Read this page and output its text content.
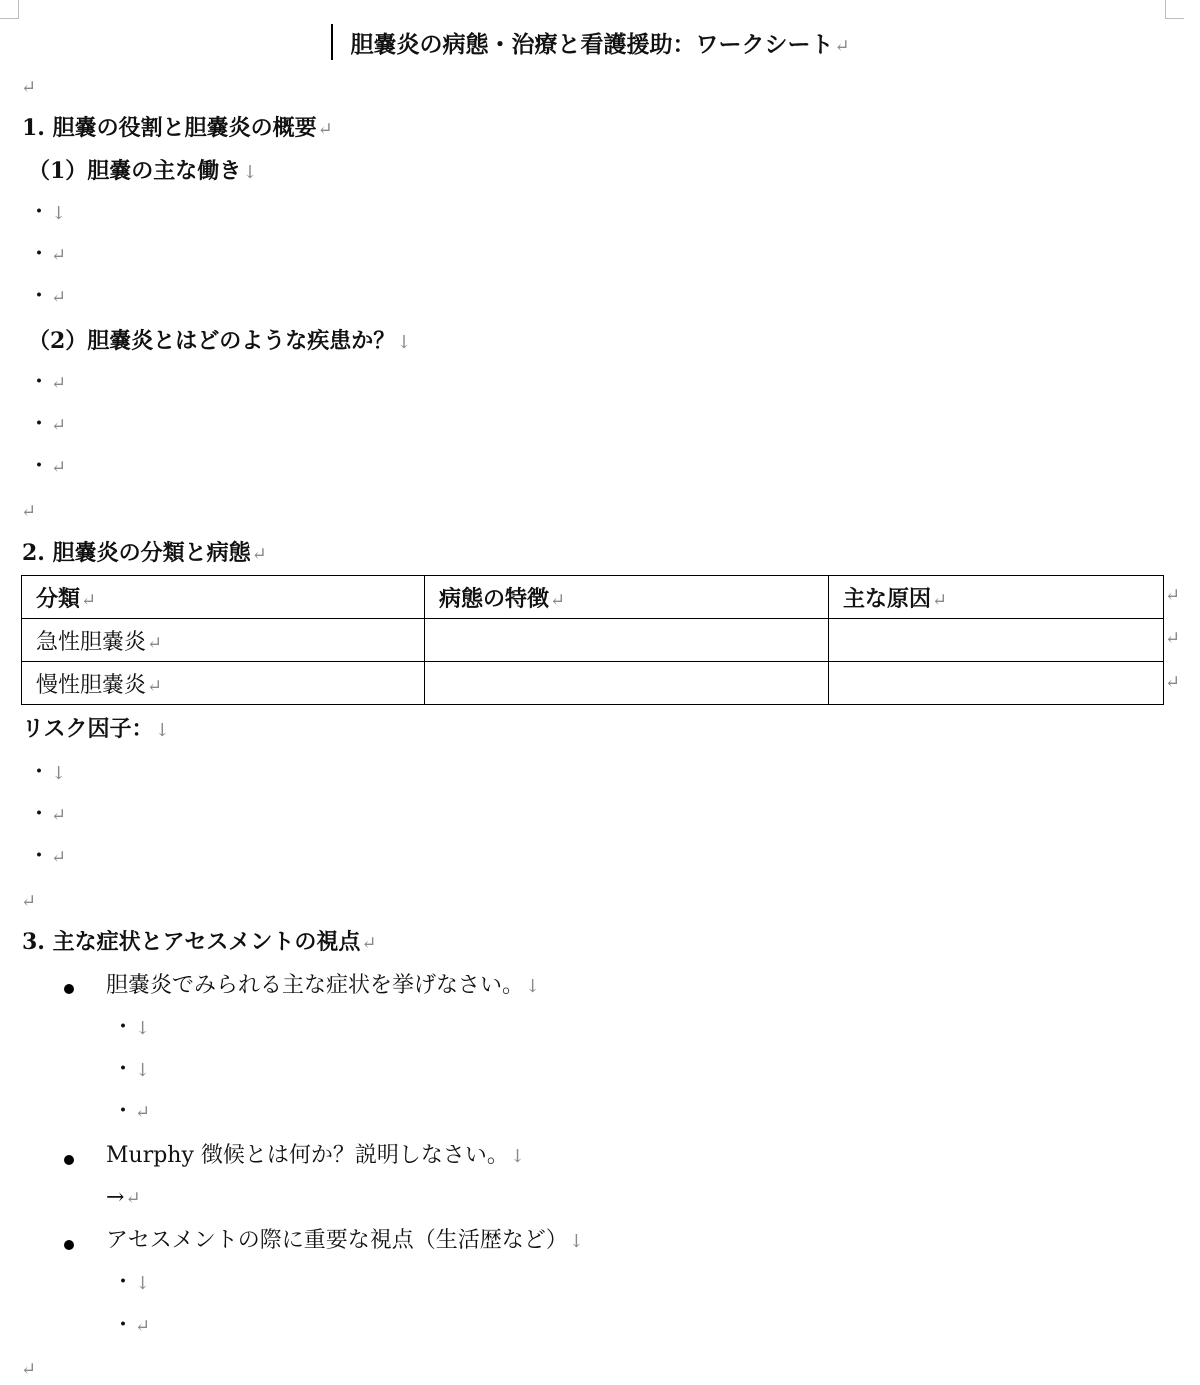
胆嚢炎の病態・治療と看護援助：ワークシート↵
↵
1. 胆嚢の役割と胆嚢炎の概要↵
（1）胆嚢の主な働き↓
・↓
・↵
・↵
（2）胆嚢炎とはどのような疾患か？↓
・↵
・↵
・↵
↵
2. 胆嚢炎の分類と病態↵
分類↵	病態の特徴↵	主な原因↵
急性胆嚢炎↵		
慢性胆嚢炎↵		
↵
↵
↵
リスク因子：↓
・↓
・↵
・↵
↵
3. 主な症状とアセスメントの視点↵
胆嚢炎でみられる主な症状を挙げなさい。↓
・↓
・↓
・↵
Murphy 徴候とは何か？説明しなさい。↓
→↵
アセスメントの際に重要な視点（生活歴など）↓
・↓
・↵
↵
